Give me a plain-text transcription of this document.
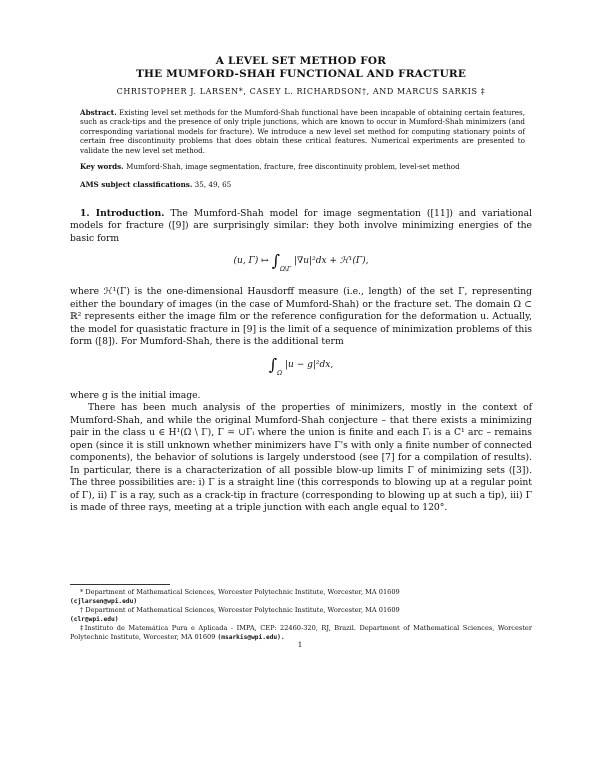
A LEVEL SET METHOD FOR
THE MUMFORD-SHAH FUNCTIONAL AND FRACTURE
CHRISTOPHER J. LARSEN*, CASEY L. RICHARDSON†, AND MARCUS SARKIS ‡
Abstract. Existing level set methods for the Mumford-Shah functional have been incapable of obtaining certain features, such as crack-tips and the presence of only triple junctions, which are known to occur in Mumford-Shah minimizers (and corresponding variational models for fracture). We introduce a new level set method for computing stationary points of certain free discontinuity problems that does obtain these critical features. Numerical experiments are presented to validate the new level set method.
Key words. Mumford-Shah, image segmentation, fracture, free discontinuity problem, level-set method
AMS subject classifications. 35, 49, 65
1. Introduction. The Mumford-Shah model for image segmentation ([11]) and variational models for fracture ([9]) are surprisingly similar: they both involve minimizing energies of the basic form
(u, Γ) ↦ $\int_{\Omega\backslash\Gamma}$ |∇u|²dx + ℋ¹(Γ),
where ℋ¹(Γ) is the one-dimensional Hausdorff measure (i.e., length) of the set Γ, representing either the boundary of images (in the case of Mumford-Shah) or the fracture set. The domain Ω ⊂ ℝ² represents either the image film or the reference configuration for the deformation u. Actually, the model for quasistatic fracture in [9] is the limit of a sequence of minimization problems of this form ([8]). For Mumford-Shah, there is the additional term
$\int_\Omega$ |u − g|²dx,
where g is the initial image.
There has been much analysis of the properties of minimizers, mostly in the context of Mumford-Shah, and while the original Mumford-Shah conjecture – that there exists a minimizing pair in the class u ∈ H¹(Ω \ Γ), Γ = ∪Γᵢ where the union is finite and each Γᵢ is a C¹ arc – remains open (since it is still unknown whether minimizers have Γ's with only a finite number of connected components), the behavior of solutions is largely understood (see [7] for a compilation of results). In particular, there is a characterization of all possible blow-up limits Γ of minimizing sets ([3]). The three possibilities are: i) Γ is a straight line (this corresponds to blowing up at a regular point of Γ), ii) Γ is a ray, such as a crack-tip in fracture (corresponding to blowing up at such a tip), iii) Γ is made of three rays, meeting at a triple junction with each angle equal to 120°.
* Department of Mathematical Sciences, Worcester Polytechnic Institute, Worcester, MA 01609
(cjlarsen@wpi.edu)
† Department of Mathematical Sciences, Worcester Polytechnic Institute, Worcester, MA 01609
(clr@wpi.edu)
‡Instituto de Matemática Pura e Aplicada - IMPA, CEP: 22460-320, RJ, Brazil. Department of Mathematical Sciences, Worcester Polytechnic Institute, Worcester, MA 01609 (msarkis@wpi.edu).
1
